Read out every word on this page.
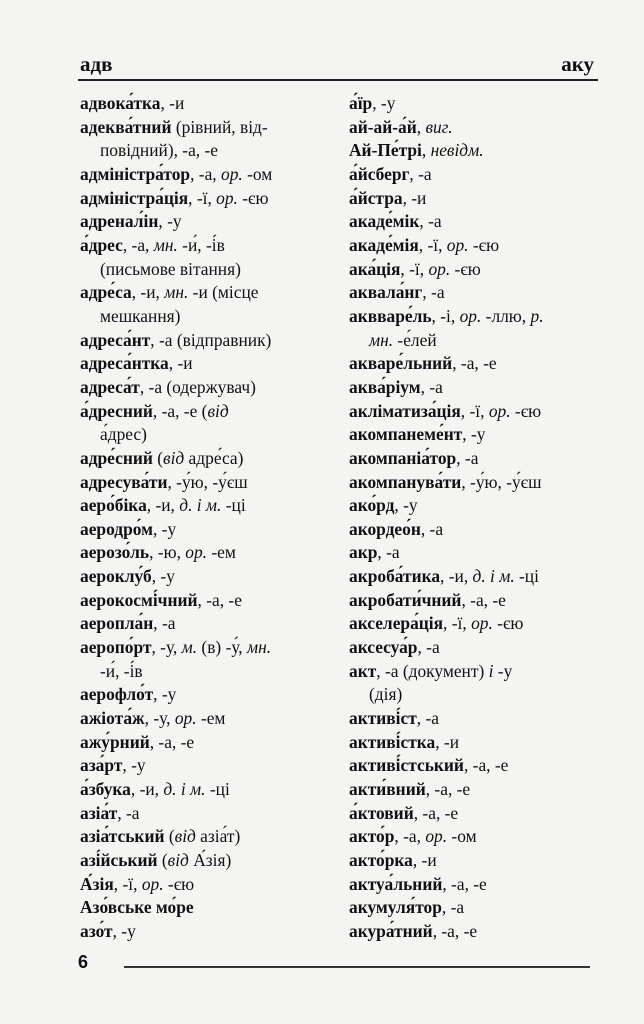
адв	аку
адвока́тка, -и
адеква́тний (рівний, від-
повідний), -а, -е
адміністра́тор, -а, ор. -ом
адміністра́ція, -ї, ор. -єю
адренал́ін, -у
а́дрес, -а, мн. -и́, -і́в
(письмове вітання)
адре́са, -и, мн. -и (місце
мешкання)
адреса́нт, -а (відправник)
адреса́нтка, -и
адреса́т, -а (одержувач)
а́дресний, -а, -е (від
а́дрес)
адре́сний (від адре́са)
адресува́ти, -у́ю, -у́єш
аеро́біка, -и, д. і м. -ці
аеродро́м, -у
аерозо́ль, -ю, ор. -ем
аероклу́б, -у
аерокосмі́чний, -а, -е
аеропла́н, -а
аеропо́рт, -у, м. (в) -у́, мн.
-и́, -і́в
аерофло́т, -у
ажіота́ж, -у, ор. -ем
ажу́рний, -а, -е
аза́рт, -у
а́збука, -и, д. і м. -ці
азіа́т, -а
азіа́тський (від азіа́т)
азі́йський (від А́зія)
А́зія, -ї, ор. -єю
Азо́вське мо́ре
азо́т, -у
а́їр, -у
ай-ай-а́й, виг.
Ай-Пе́трі, невідм.
а́йсберг, -а
а́йстра, -и
акаде́мік, -а
акаде́мія, -ї, ор. -єю
ака́ція, -ї, ор. -єю
аквала́нг, -а
аквваре́ль, -і, ор. -ллю, р.
мн. -е́лей
акваре́льний, -а, -е
аква́ріум, -а
акліматиза́ція, -ї, ор. -єю
акомпанеме́нт, -у
акомпаніа́тор, -а
акомпанува́ти, -у́ю, -у́єш
ако́рд, -у
акордео́н, -а
акр, -а
акроба́тика, -и, д. і м. -ці
акробати́чний, -а, -е
акселера́ція, -ї, ор. -єю
аксесуа́р, -а
акт, -а (документ) і -у
(дія)
активі́ст, -а
активі́стка, -и
активі́стський, -а, -е
акти́вний, -а, -е
а́ктовий, -а, -е
акто́р, -а, ор. -ом
акто́рка, -и
актуа́льний, -а, -е
акумуля́тор, -а
акура́тний, -а, -е
6
